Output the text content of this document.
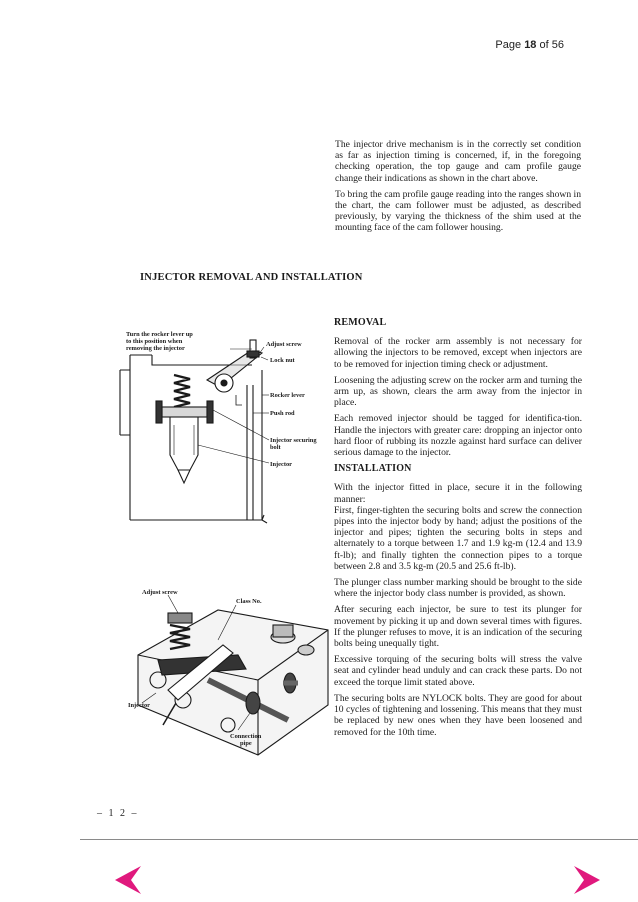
Page 18 of 56

The injector drive mechanism is in the correctly set condition as far as injection timing is concerned, if, in the foregoing checking operation, the top gauge and cam profile gauge change their indications as shown in the chart above.

To bring the cam profile gauge reading into the ranges shown in the chart, the cam follower must be adjusted, as described previously, by varying the thickness of the shim used at the mounting face of the cam follower housing.

INJECTOR REMOVAL AND INSTALLATION
REMOVAL

Removal of the rocker arm assembly is not necessary for allowing the injectors to be removed, except when injectors are to be removed for injection timing check or adjustment.

Loosening the adjusting screw on the rocker arm and turning the arm up, as shown, clears the arm away from the injector in place.

Each removed injector should be tagged for identifica-tion. Handle the injectors with greater care: dropping an injector onto hard floor of rubbing its nozzle against hard surface can deliver serious damage to the injector.

INSTALLATION

With the injector fitted in place, secure it in the following manner:

First, finger-tighten the securing bolts and screw the connection pipes into the injector body by hand; adjust the positions of the injector and pipes; tighten the securing bolts in steps and alternately to a torque between 1.7 and 1.9 kg-m (12.4 and 13.9 ft-lb); and finally tighten the connection pipes to a torque between 2.8 and 3.5 kg-m (20.5 and 25.6 ft-lb).

The plunger class number marking should be brought to the side where the injector body class number is provided, as shown.

After securing each injector, be sure to test its plunger for movement by picking it up and down several times with figures. If the plunger refuses to move, it is an indication of the securing bolts being unequally tight.

Excessive torquing of the securing bolts will stress the valve seat and cylinder head unduly and can crack these parts. Do not exceed the torque limit stated above.

The securing bolts are NYLOCK bolts. They are good for about 10 cycles of tightening and lossening. This means that they must be replaced by new ones when they have been loosened and removed for the 10th time.

Turn the rocker lever up
to this position when
removing the injector
Adjust screw
Lock nut
Rocker lever
Push rod
Injector securing
bolt
Injector
Adjust screw
Class No.
Injector
Connection
pipe
– 1 2 –
